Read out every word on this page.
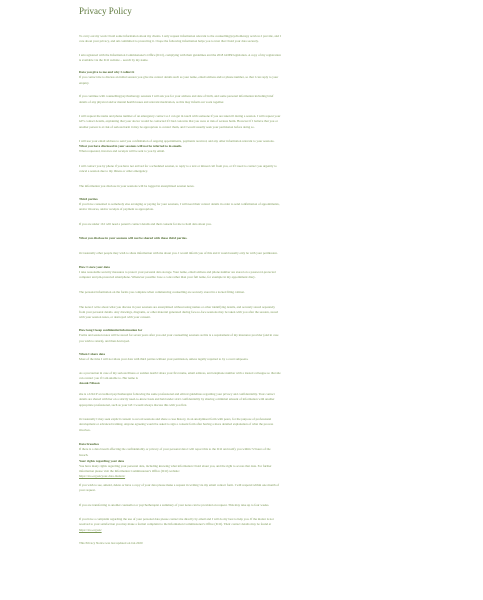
Privacy Policy
To carry out my work I hold some information about my clients. I only request information relevant to the counselling/psychotherapy services I provide, and I
care about your privacy, and am committed to protecting it. I hope the following information helps you to trust that I hold your data securely.
I am registered with the Information Commissioner's Office (ICO), complying with their guidelines and the 2018 GDPR legislation. A copy of my registration
is available via the ICO website – search by my name.
Data you give to me and why I collect it
If you contact me to discuss an initial session you give me contact details such as your name, email address and/or phone number, so that I can reply to your
enquiry.
If you continue with counselling/psychotherapy sessions I will ask you for your address and date of birth, and some personal information including brief
details of any physical and/or mental health issues and relevant medication, as this may inform our work together.
I will request the name and phone number of an emergency contact so I can get in touch with someone if you are taken ill during a session. I will request your
GP's contact details, explaining that your doctor would be contacted if I had concerns that you were at risk of serious harm. However if I believe that you or
another person is at risk of serious harm it may be appropriate to contact them, and I would usually seek your permission before doing so.
I will use your email address to send you confirmation of ongoing appointments, payments received, and any other information relevant to your sessions.
What you have disclosed in your sessions will not be referred to in emails.
When requested, invoices and receipts will be sent to you by email.
I will contact you by phone if you have not arrived for a scheduled session, to reply to a text or missed call from you, or if I need to contact you urgently to
cancel a session due to my illness or other emergency.
The information you disclose in your sessions will be logged in anonymised session notes.
Third parties
If you have consented to somebody else arranging or paying for your sessions, I will need their contact details in order to send confirmation of appointments,
and/or invoices, and/or receipts of payment as appropriate.
If you are under 16 I will need a parent's contact details and their consent for me to hold data about you.
What you disclose in your sessions will not be shared with these third parties.
Occasionally other people may wish to share information with me about you. I would inform you of this and it would usually only be with your permission.
How I store your data
I take reasonable security measures to protect your personal data storage. Your name, email address and phone number are stored on a password-protected
computer and pin-protected smartphone. Whenever possible I use a code rather than your full name, for example in my appointment diary.
The personal information on the forms you complete when commencing counselling are securely stored in a locked filing cabinet.
The notes I write about what you discuss in your sessions are anonymised without using names or other identifying details, and securely stored separately
from your personal details. Any drawings, diagrams, or other material generated during face-to-face sessions may be taken with you after the session, stored
with your session notes, or destroyed with your consent.
How long I keep confidential information for
Forms and session notes will be stored for seven years after you end your counselling sessions as this is a requirement of my insurance provider (and in case
you wish to return), and then destroyed.
When I share data
Most of the time I will not share your data with third parties without your permission, unless legally required to by a court subpoena.
As a precaution in case of my serious illness or sudden death I share your first name, email address, and telephone number with a trusted colleague so that she
can contact you if I am unable to. Her name is
Anouk Nilsson
she is a UKCP accredited psychotherapist following the same professional and ethical guidelines regarding your privacy and confidentiality. Your contact
details are shared with her on a strictly need-to-know basis and held under strict confidentiality by sharing a minimal amount of information with another
appropriate professional, such as your GP. I would always discuss this with you first.
Occasionally I may seek explicit consent to record sessions and share a case history, in an anonymised form with peers, for the purpose of professional
development or advanced training. Anyone agreeing would be asked to sign a consent form after having a more detailed explanation of what the process
involves.
Data breaches
If there is a data breach affecting the confidentiality or privacy of your personal data I will report this to the ICO and notify you within 72 hours of the
breach.
Your rights regarding your data
You have many rights regarding your personal data, including knowing what information I hold about you, and the right to access that data. For further
information please visit the Information Commissioner's Office (ICO) website:
https://ico.org.uk/your-data-matters/
If you wish to see, amend, delete or have a copy of your data please make a request in writing via my email contact form. I will respond within one month of
your request.
If you are transferring to another counsellor or psychotherapist a summary of your notes can be provided on request. This may take up to four weeks.
If you have a complaint regarding the use of your personal data please contact me directly by email and I will do my best to help you. If the matter is not
resolved to your satisfaction you may make a formal complaint to the Information Commissioner's Office (ICO). Their contact details may be found at
https://ico.org.uk/
This Privacy Notice was last updated on Jan 2020
